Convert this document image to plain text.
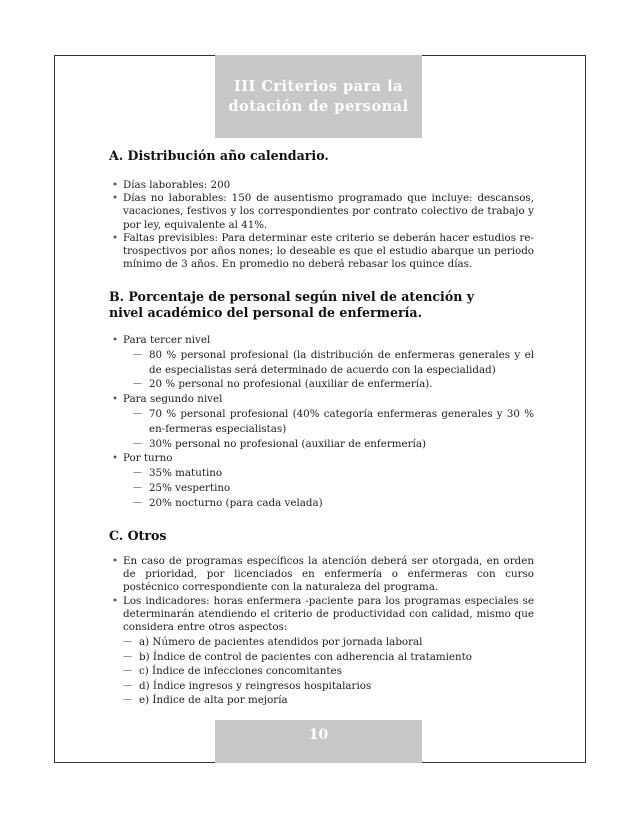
III Criterios para la
dotación de personal
A. Distribución año calendario.
• Días laborables: 200
• Días no laborables: 150 de ausentismo programado que incluye: descansos, vacaciones, festivos y los correspondientes por contrato colectivo de trabajo y por ley, equivalente al 41%.
• Faltas previsibles: Para determinar este criterio se deberán hacer estudios re-trospectivos por años nones; lo deseable es que el estudio abarque un periodo mínimo de 3 años. En promedio no deberá rebasar los quince días.
B. Porcentaje de personal según nivel de atención y
nivel académico del personal de enfermería.
• Para tercer nivel
— 80 % personal profesional (la distribución de enfermeras generales y el de especialistas será determinado de acuerdo con la especialidad)
— 20 % personal no profesional (auxiliar de enfermería).
• Para segundo nivel
— 70 % personal profesional (40% categoría enfermeras generales y 30 % en-fermeras especialistas)
— 30% personal no profesional (auxiliar de enfermería)
• Por turno
— 35% matutino
— 25% vespertino
— 20% nocturno (para cada velada)
C. Otros
• En caso de programas específicos la atención deberá ser otorgada, en orden de prioridad, por licenciados en enfermería o enfermeras con curso postécnico correspondiente con la naturaleza del programa.
• Los indicadores: horas enfermera -paciente para los programas especiales se determinarán atendiendo el criterio de productividad con calidad, mismo que considera entre otros aspectos:
— a) Número de pacientes atendidos por jornada laboral
— b) Índice de control de pacientes con adherencia al tratamiento
— c) Índice de infecciones concomitantes
— d) Índice ingresos y reingresos hospitalarios
— e) Índice de alta por mejoría
10
